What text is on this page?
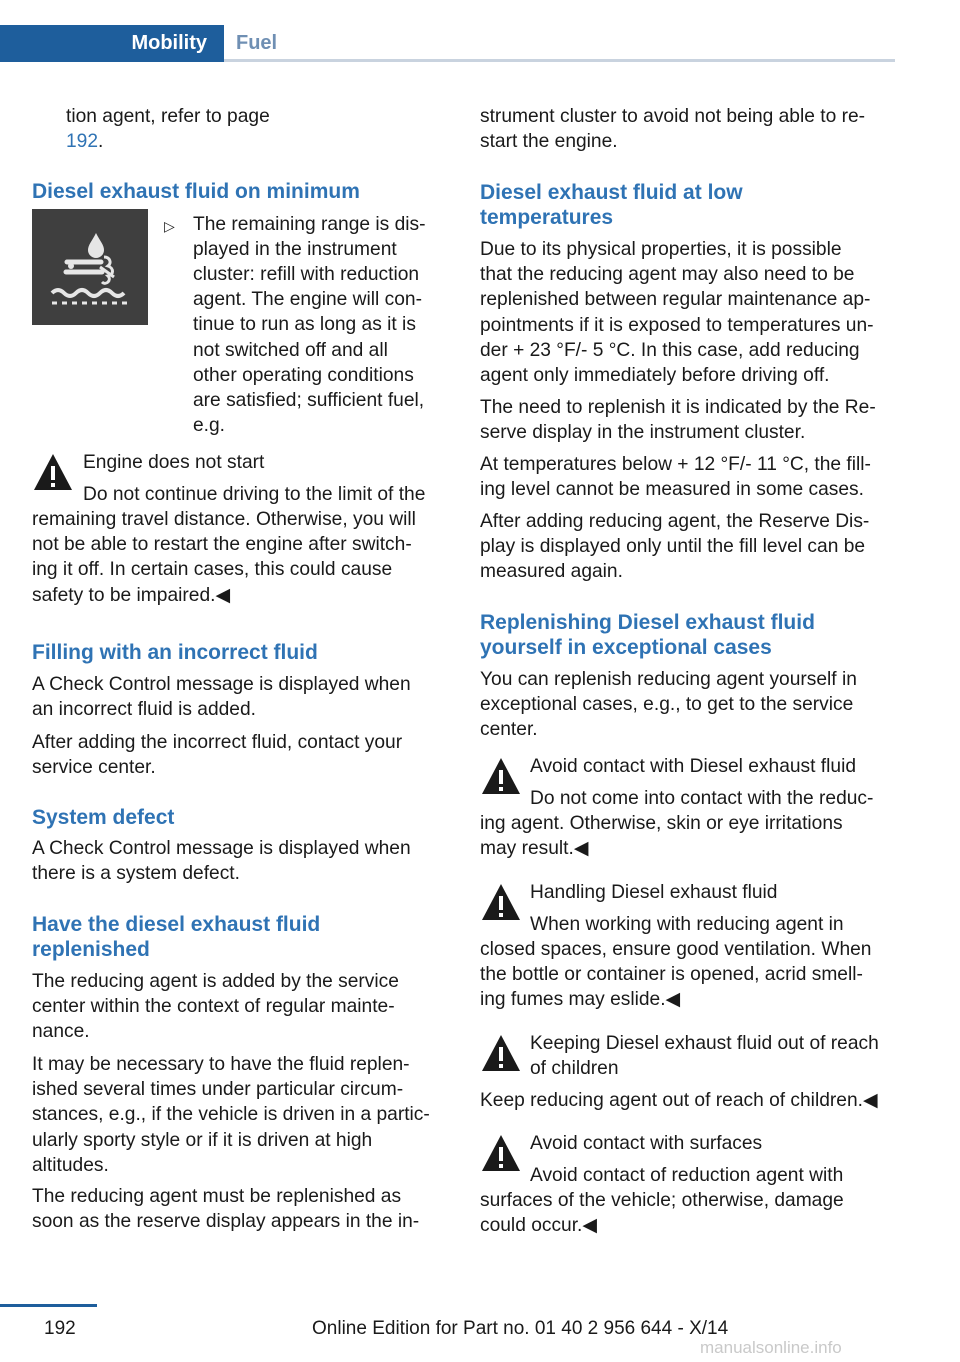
Mobility Fuel

tion agent, refer to page

192.

Diesel exhaust fluid on minimum
▷ The remaining range is dis-

played in the instrument

cluster: refill with reduction

agent. The engine will con-

tinue to run as long as it is

not switched off and all

other operating conditions

are satisfied; sufficient fuel,

e.g.

Engine does not start

Do not continue driving to the limit of the

remaining travel distance. Otherwise, you will

not be able to restart the engine after switch-

ing it off. In certain cases, this could cause

safety to be impaired.◀

Filling with an incorrect fluid

A Check Control message is displayed when

an incorrect fluid is added.

After adding the incorrect fluid, contact your

service center.

System defect

A Check Control message is displayed when

there is a system defect.

Have the diesel exhaust fluid

replenished

The reducing agent is added by the service

center within the context of regular mainte-

nance.

It may be necessary to have the fluid replen-

ished several times under particular circum-

stances, e.g., if the vehicle is driven in a partic-

ularly sporty style or if it is driven at high

altitudes.

The reducing agent must be replenished as

soon as the reserve display appears in the in-

strument cluster to avoid not being able to re-

start the engine.

Diesel exhaust fluid at low

temperatures

Due to its physical properties, it is possible

that the reducing agent may also need to be

replenished between regular maintenance ap-

pointments if it is exposed to temperatures un-

der + 23 °F/- 5 °C. In this case, add reducing

agent only immediately before driving off.

The need to replenish it is indicated by the Re-

serve display in the instrument cluster.

At temperatures below + 12 °F/- 11 °C, the fill-

ing level cannot be measured in some cases.

After adding reducing agent, the Reserve Dis-

play is displayed only until the fill level can be

measured again.

Replenishing Diesel exhaust fluid

yourself in exceptional cases

You can replenish reducing agent yourself in

exceptional cases, e.g., to get to the service

center.

Avoid contact with Diesel exhaust fluid

Do not come into contact with the reduc-

ing agent. Otherwise, skin or eye irritations

may result.◀

Handling Diesel exhaust fluid

When working with reducing agent in

closed spaces, ensure good ventilation. When

the bottle or container is opened, acrid smell-

ing fumes may eslide.◀

Keeping Diesel exhaust fluid out of reach

of children

Keep reducing agent out of reach of children.◀

Avoid contact with surfaces

Avoid contact of reduction agent with

surfaces of the vehicle; otherwise, damage

could occur.◀

192	Online Edition for Part no. 01 40 2 956 644 - X/14
manualsonline.info
